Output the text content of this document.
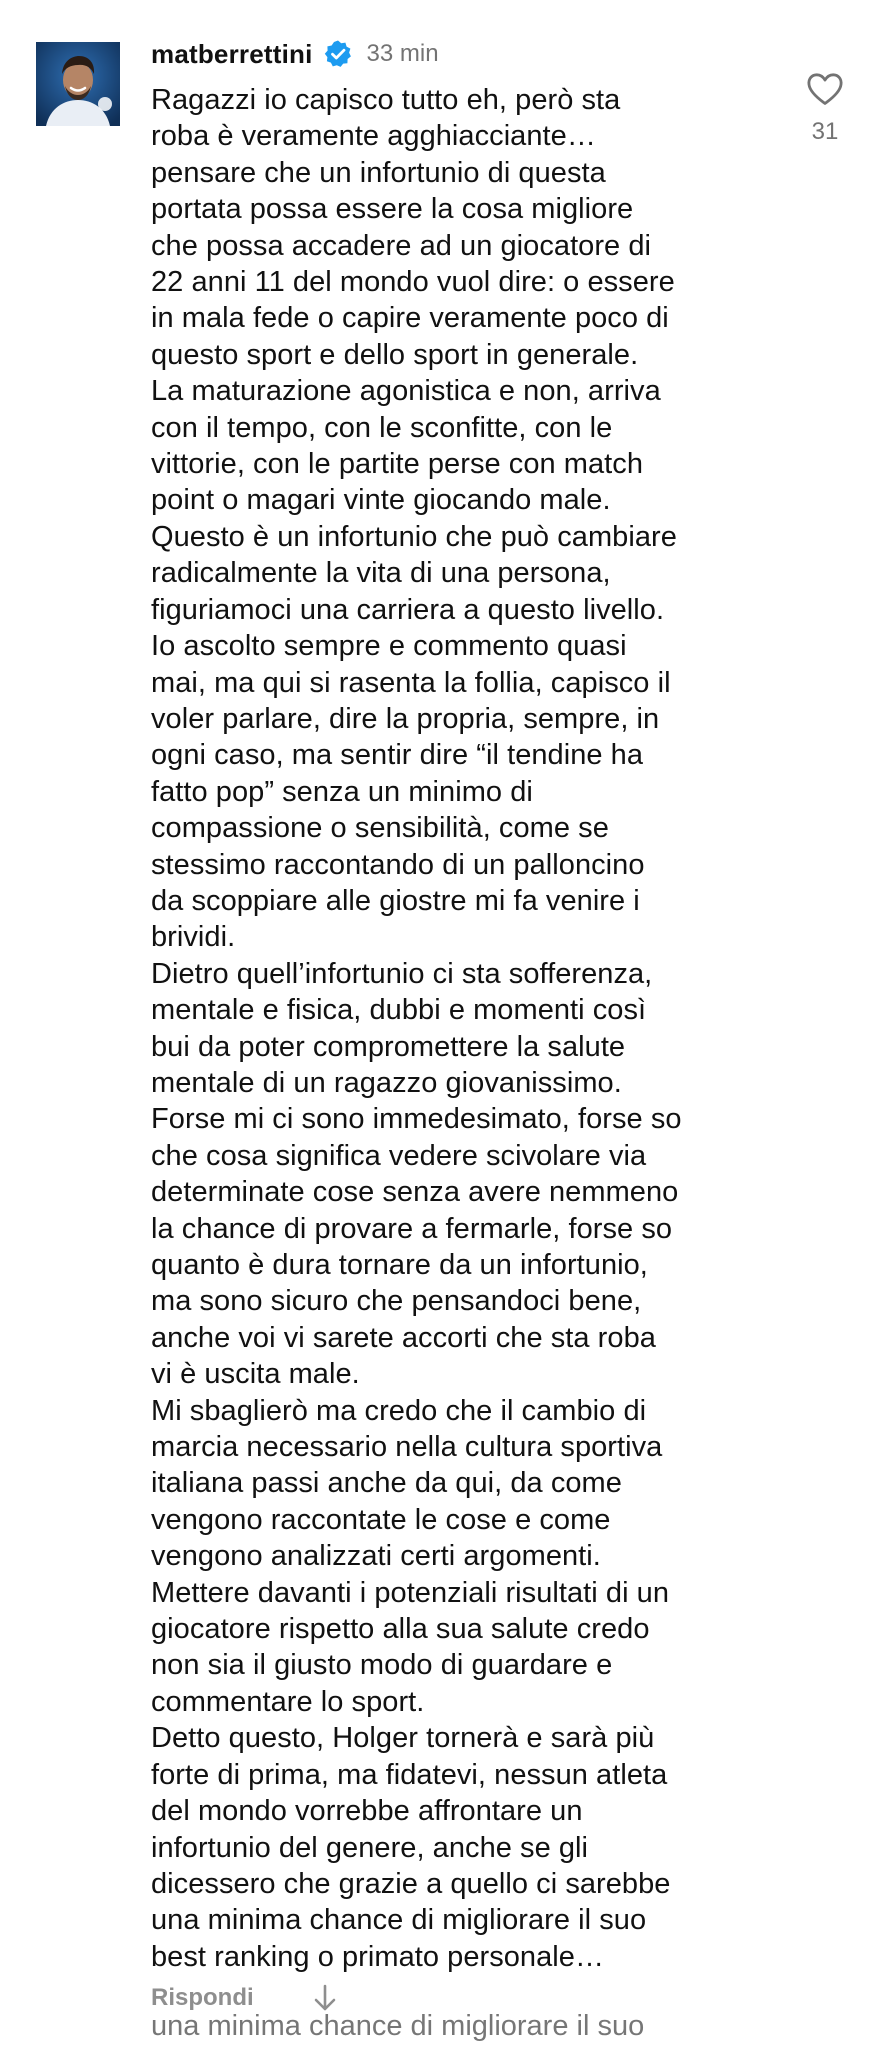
matberrettini 33 min
Ragazzi io capisco tutto eh, però sta
roba è veramente agghiacciante…
pensare che un infortunio di questa
portata possa essere la cosa migliore
che possa accadere ad un giocatore di
22 anni 11 del mondo vuol dire: o essere
in mala fede o capire veramente poco di
questo sport e dello sport in generale.
La maturazione agonistica e non, arriva
con il tempo, con le sconfitte, con le
vittorie, con le partite perse con match
point o magari vinte giocando male.
Questo è un infortunio che può cambiare
radicalmente la vita di una persona,
figuriamoci una carriera a questo livello.
Io ascolto sempre e commento quasi
mai, ma qui si rasenta la follia, capisco il
voler parlare, dire la propria, sempre, in
ogni caso, ma sentir dire “il tendine ha
fatto pop” senza un minimo di
compassione o sensibilità, come se
stessimo raccontando di un palloncino
da scoppiare alle giostre mi fa venire i
brividi.
Dietro quell’infortunio ci sta sofferenza,
mentale e fisica, dubbi e momenti così
bui da poter compromettere la salute
mentale di un ragazzo giovanissimo.
Forse mi ci sono immedesimato, forse so
che cosa significa vedere scivolare via
determinate cose senza avere nemmeno
la chance di provare a fermarle, forse so
quanto è dura tornare da un infortunio,
ma sono sicuro che pensandoci bene,
anche voi vi sarete accorti che sta roba
vi è uscita male.
Mi sbaglierò ma credo che il cambio di
marcia necessario nella cultura sportiva
italiana passi anche da qui, da come
vengono raccontate le cose e come
vengono analizzati certi argomenti.
Mettere davanti i potenziali risultati di un
giocatore rispetto alla sua salute credo
non sia il giusto modo di guardare e
commentare lo sport.
Detto questo, Holger tornerà e sarà più
forte di prima, ma fidatevi, nessun atleta
del mondo vorrebbe affrontare un
infortunio del genere, anche se gli
dicessero che grazie a quello ci sarebbe
una minima chance di migliorare il suo
best ranking o primato personale…
31
Rispondi
una minima chance di migliorare il suo
